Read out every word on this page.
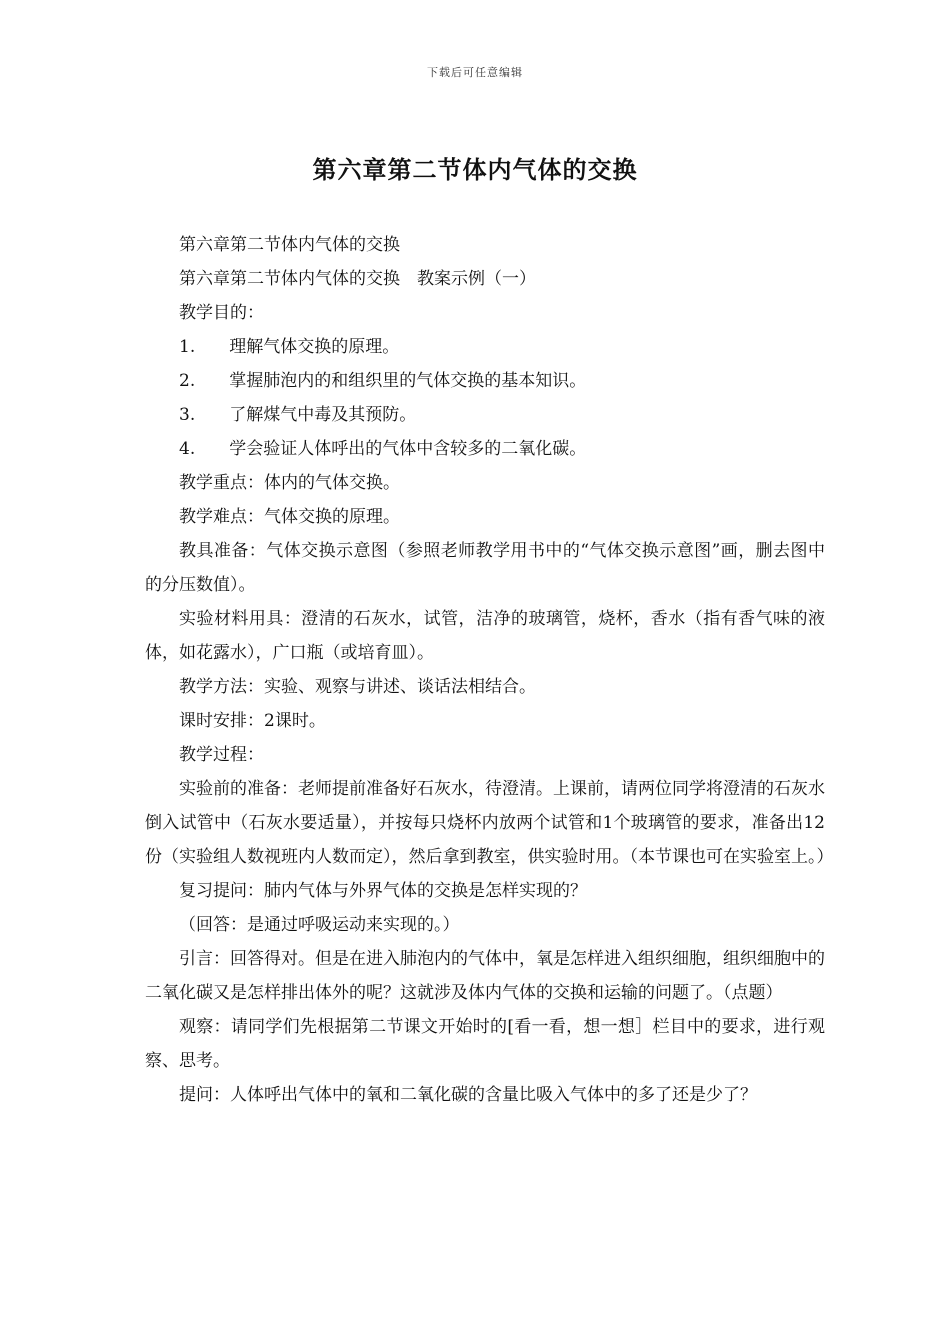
下载后可任意编辑
第六章第二节体内气体的交换

第六章第二节体内气体的交换

第六章第二节体内气体的交换　教案示例（一）

教学目的：

1.　　理解气体交换的原理。

2.　　掌握肺泡内的和组织里的气体交换的基本知识。

3.　　了解煤气中毒及其预防。

4.　　学会验证人体呼出的气体中含较多的二氧化碳。

教学重点：体内的气体交换。

教学难点：气体交换的原理。

教具准备：气体交换示意图（参照老师教学用书中的“气体交换示意图”画，删去图中的分压数值）。

实验材料用具：澄清的石灰水，试管，洁净的玻璃管，烧杯，香水（指有香气味的液体，如花露水），广口瓶（或培育皿）。

教学方法：实验、观察与讲述、谈话法相结合。

课时安排：2课时。

教学过程：

实验前的准备：老师提前准备好石灰水，待澄清。上课前，请两位同学将澄清的石灰水倒入试管中（石灰水要适量），并按每只烧杯内放两个试管和1个玻璃管的要求，准备出12份（实验组人数视班内人数而定），然后拿到教室，供实验时用。（本节课也可在实验室上。）

复习提问：肺内气体与外界气体的交换是怎样实现的？

（回答：是通过呼吸运动来实现的。）

引言：回答得对。但是在进入肺泡内的气体中，氧是怎样进入组织细胞，组织细胞中的二氧化碳又是怎样排出体外的呢？这就涉及体内气体的交换和运输的问题了。（点题）

观察：请同学们先根据第二节课文开始时的[看一看，想一想］栏目中的要求，进行观察、思考。

提问：人体呼出气体中的氧和二氧化碳的含量比吸入气体中的多了还是少了？
